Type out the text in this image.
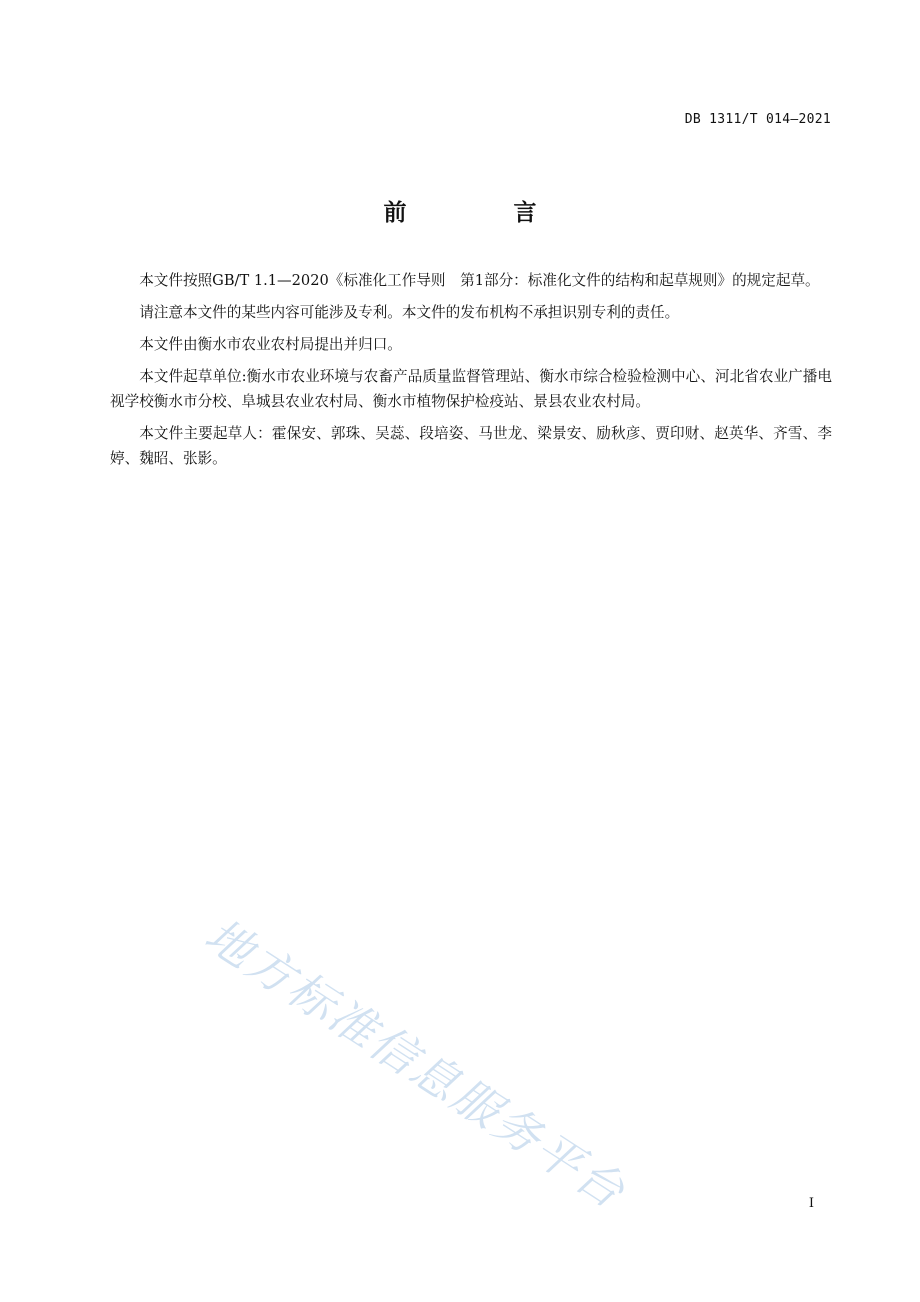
DB 1311/T 014—2021
前　言

本文件按照GB/T 1.1—2020《标准化工作导则　第1部分：标准化文件的结构和起草规则》的规定起草。

请注意本文件的某些内容可能涉及专利。本文件的发布机构不承担识别专利的责任。

本文件由衡水市农业农村局提出并归口。

本文件起草单位:衡水市农业环境与农畜产品质量监督管理站、衡水市综合检验检测中心、河北省农业广播电视学校衡水市分校、阜城县农业农村局、衡水市植物保护检疫站、景县农业农村局。

本文件主要起草人：霍保安、郭珠、吴蕊、段培姿、马世龙、梁景安、励秋彦、贾印财、赵英华、齐雪、李婷、魏昭、张影。

地方标准信息服务平台	I
